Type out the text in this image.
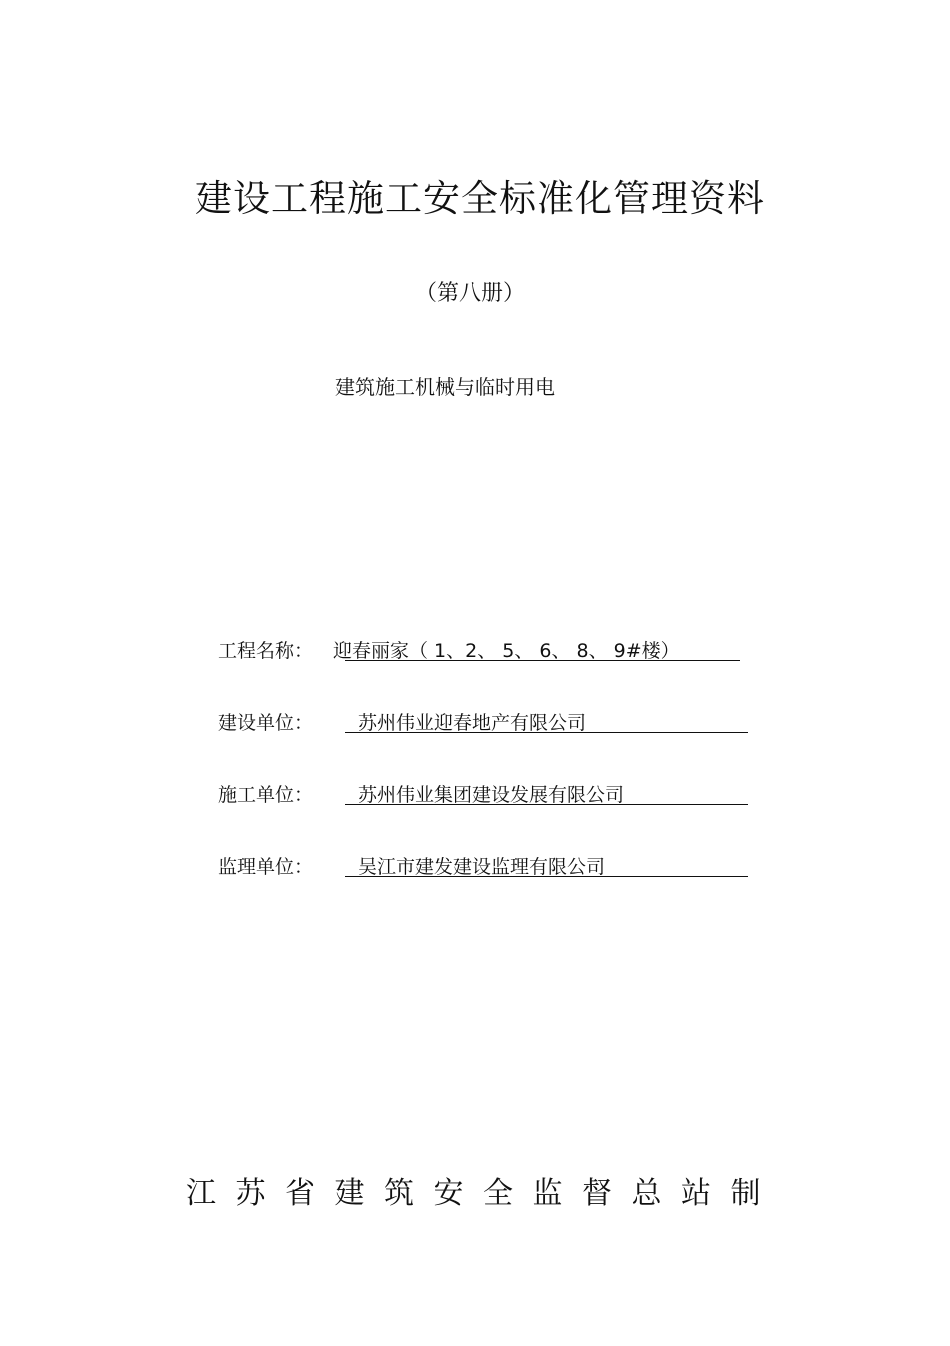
建设工程施工安全标准化管理资料
（第八册）
建筑施工机械与临时用电
工程名称： 迎春丽家（ 1、2、 5、 6、 8、 9#楼）
建设单位： 苏州伟业迎春地产有限公司
施工单位： 苏州伟业集团建设发展有限公司
监理单位： 吴江市建发建设监理有限公司
江苏省建筑安全监督总站制
